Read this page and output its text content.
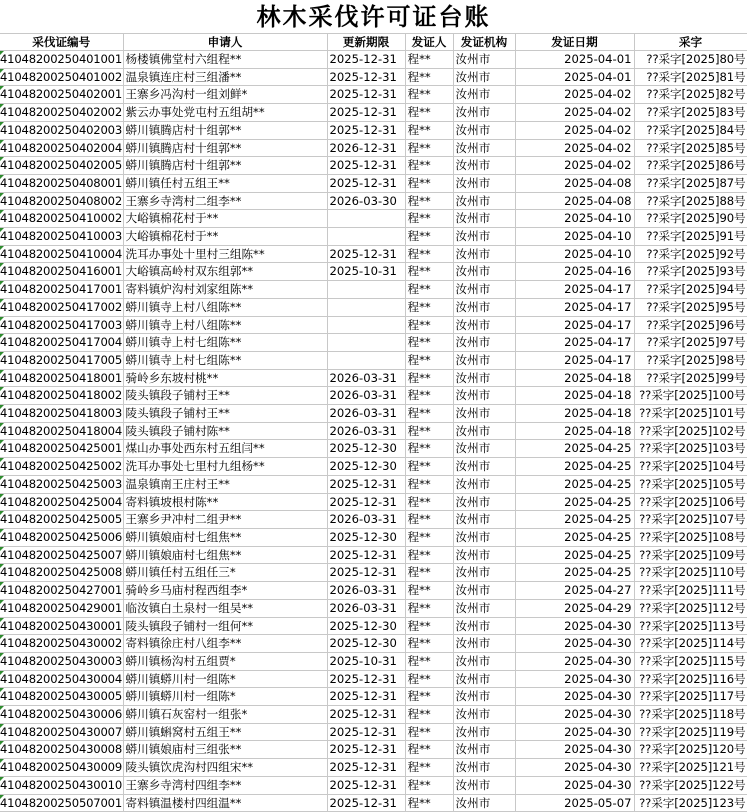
林木采伐许可证台账
采伐证编号	申请人	更新期限	发证人	发证机构	发证日期	采字
41048200250401001	杨楼镇佛堂村六组程**	2025-12-31	程**	汝州市	2025-04-01	??采字[2025]80号
41048200250401002	温泉镇连庄村三组潘**	2025-12-31	程**	汝州市	2025-04-01	??采字[2025]81号
41048200250402001	王寨乡冯沟村一组刘鲜*	2025-12-31	程**	汝州市	2025-04-02	??采字[2025]82号
41048200250402002	紫云办事处党屯村五组胡**	2025-12-31	程**	汝州市	2025-04-02	??采字[2025]83号
41048200250402003	蟒川镇腾店村十组郭**	2025-12-31	程**	汝州市	2025-04-02	??采字[2025]84号
41048200250402004	蟒川镇腾店村十组郭**	2026-12-31	程**	汝州市	2025-04-02	??采字[2025]85号
41048200250402005	蟒川镇腾店村十组郭**	2025-12-31	程**	汝州市	2025-04-02	??采字[2025]86号
41048200250408001	蟒川镇任村五组王**	2025-12-31	程**	汝州市	2025-04-08	??采字[2025]87号
41048200250408002	王寨乡寺湾村二组李**	2026-03-30	程**	汝州市	2025-04-08	??采字[2025]88号
41048200250410002	大峪镇棉花村于**		程**	汝州市	2025-04-10	??采字[2025]90号
41048200250410003	大峪镇棉花村于**		程**	汝州市	2025-04-10	??采字[2025]91号
41048200250410004	洗耳办事处十里村三组陈**	2025-12-31	程**	汝州市	2025-04-10	??采字[2025]92号
41048200250416001	大峪镇高岭村双东组郭**	2025-10-31	程**	汝州市	2025-04-16	??采字[2025]93号
41048200250417001	寄料镇炉沟村刘家组陈**		程**	汝州市	2025-04-17	??采字[2025]94号
41048200250417002	蟒川镇寺上村八组陈**		程**	汝州市	2025-04-17	??采字[2025]95号
41048200250417003	蟒川镇寺上村八组陈**		程**	汝州市	2025-04-17	??采字[2025]96号
41048200250417004	蟒川镇寺上村七组陈**		程**	汝州市	2025-04-17	??采字[2025]97号
41048200250417005	蟒川镇寺上村七组陈**		程**	汝州市	2025-04-17	??采字[2025]98号
41048200250418001	骑岭乡东坡村桃**	2026-03-31	程**	汝州市	2025-04-18	??采字[2025]99号
41048200250418002	陵头镇段子铺村王**	2026-03-31	程**	汝州市	2025-04-18	??采字[2025]100号
41048200250418003	陵头镇段子铺村王**	2026-03-31	程**	汝州市	2025-04-18	??采字[2025]101号
41048200250418004	陵头镇段子铺村陈**	2026-03-31	程**	汝州市	2025-04-18	??采字[2025]102号
41048200250425001	煤山办事处西东村五组闫**	2025-12-30	程**	汝州市	2025-04-25	??采字[2025]103号
41048200250425002	洗耳办事处七里村九组杨**	2025-12-30	程**	汝州市	2025-04-25	??采字[2025]104号
41048200250425003	温泉镇南王庄村王**	2025-12-31	程**	汝州市	2025-04-25	??采字[2025]105号
41048200250425004	寄料镇坡根村陈**	2025-12-31	程**	汝州市	2025-04-25	??采字[2025]106号
41048200250425005	王寨乡尹冲村二组尹**	2026-03-31	程**	汝州市	2025-04-25	??采字[2025]107号
41048200250425006	蟒川镇娘庙村七组焦**	2025-12-30	程**	汝州市	2025-04-25	??采字[2025]108号
41048200250425007	蟒川镇娘庙村七组焦**	2025-12-31	程**	汝州市	2025-04-25	??采字[2025]109号
41048200250425008	蟒川镇任村五组任三*	2025-12-31	程**	汝州市	2025-04-25	??采字[2025]110号
41048200250427001	骑岭乡马庙村程西组李*	2026-03-31	程**	汝州市	2025-04-27	??采字[2025]111号
41048200250429001	临汝镇白土泉村一组吴**	2026-03-31	程**	汝州市	2025-04-29	??采字[2025]112号
41048200250430001	陵头镇段子铺村一组何**	2025-12-30	程**	汝州市	2025-04-30	??采字[2025]113号
41048200250430002	寄料镇徐庄村八组李**	2025-12-30	程**	汝州市	2025-04-30	??采字[2025]114号
41048200250430003	蟒川镇杨沟村五组贾*	2025-10-31	程**	汝州市	2025-04-30	??采字[2025]115号
41048200250430004	蟒川镇蟒川村一组陈*	2025-12-31	程**	汝州市	2025-04-30	??采字[2025]116号
41048200250430005	蟒川镇蟒川村一组陈*	2025-12-31	程**	汝州市	2025-04-30	??采字[2025]117号
41048200250430006	蟒川镇石灰窑村一组张*	2025-12-31	程**	汝州市	2025-04-30	??采字[2025]118号
41048200250430007	蟒川镇蝌窝村五组王**	2025-12-31	程**	汝州市	2025-04-30	??采字[2025]119号
41048200250430008	蟒川镇娘庙村三组张**	2025-12-31	程**	汝州市	2025-04-30	??采字[2025]120号
41048200250430009	陵头镇饮虎沟村四组宋**	2025-12-31	程**	汝州市	2025-04-30	??采字[2025]121号
41048200250430010	王寨乡寺湾村四组李**	2025-12-31	程**	汝州市	2025-04-30	??采字[2025]122号
41048200250507001	寄料镇温楼村四组温**	2025-12-31	程**	汝州市	2025-05-07	??采字[2025]123号
